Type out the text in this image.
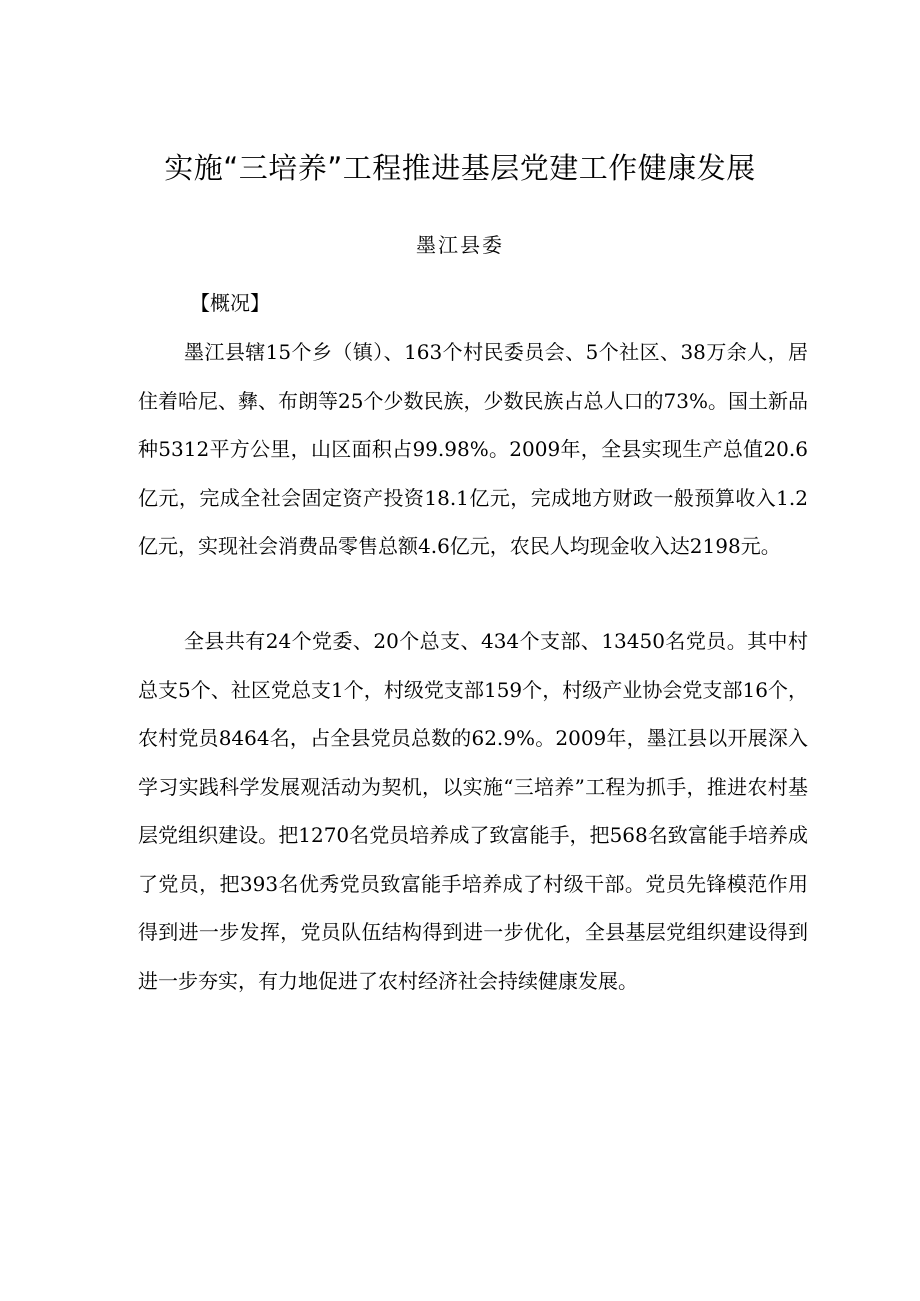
实施“三培养”工程推进基层党建工作健康发展
墨江县委
【概况】

墨江县辖15个乡（镇）、163个村民委员会、5个社区、38万余人，居住着哈尼、彝、布朗等25个少数民族，少数民族占总人口的73%。国土新品种5312平方公里，山区面积占99.98%。2009年，全县实现生产总值20.6亿元，完成全社会固定资产投资18.1亿元，完成地方财政一般预算收入1.2亿元，实现社会消费品零售总额4.6亿元，农民人均现金收入达2198元。

全县共有24个党委、20个总支、434个支部、13450名党员。其中村总支5个、社区党总支1个，村级党支部159个，村级产业协会党支部16个，农村党员8464名，占全县党员总数的62.9%。2009年，墨江县以开展深入学习实践科学发展观活动为契机，以实施“三培养”工程为抓手，推进农村基层党组织建设。把1270名党员培养成了致富能手，把568名致富能手培养成了党员，把393名优秀党员致富能手培养成了村级干部。党员先锋模范作用得到进一步发挥，党员队伍结构得到进一步优化，全县基层党组织建设得到进一步夯实，有力地促进了农村经济社会持续健康发展。
